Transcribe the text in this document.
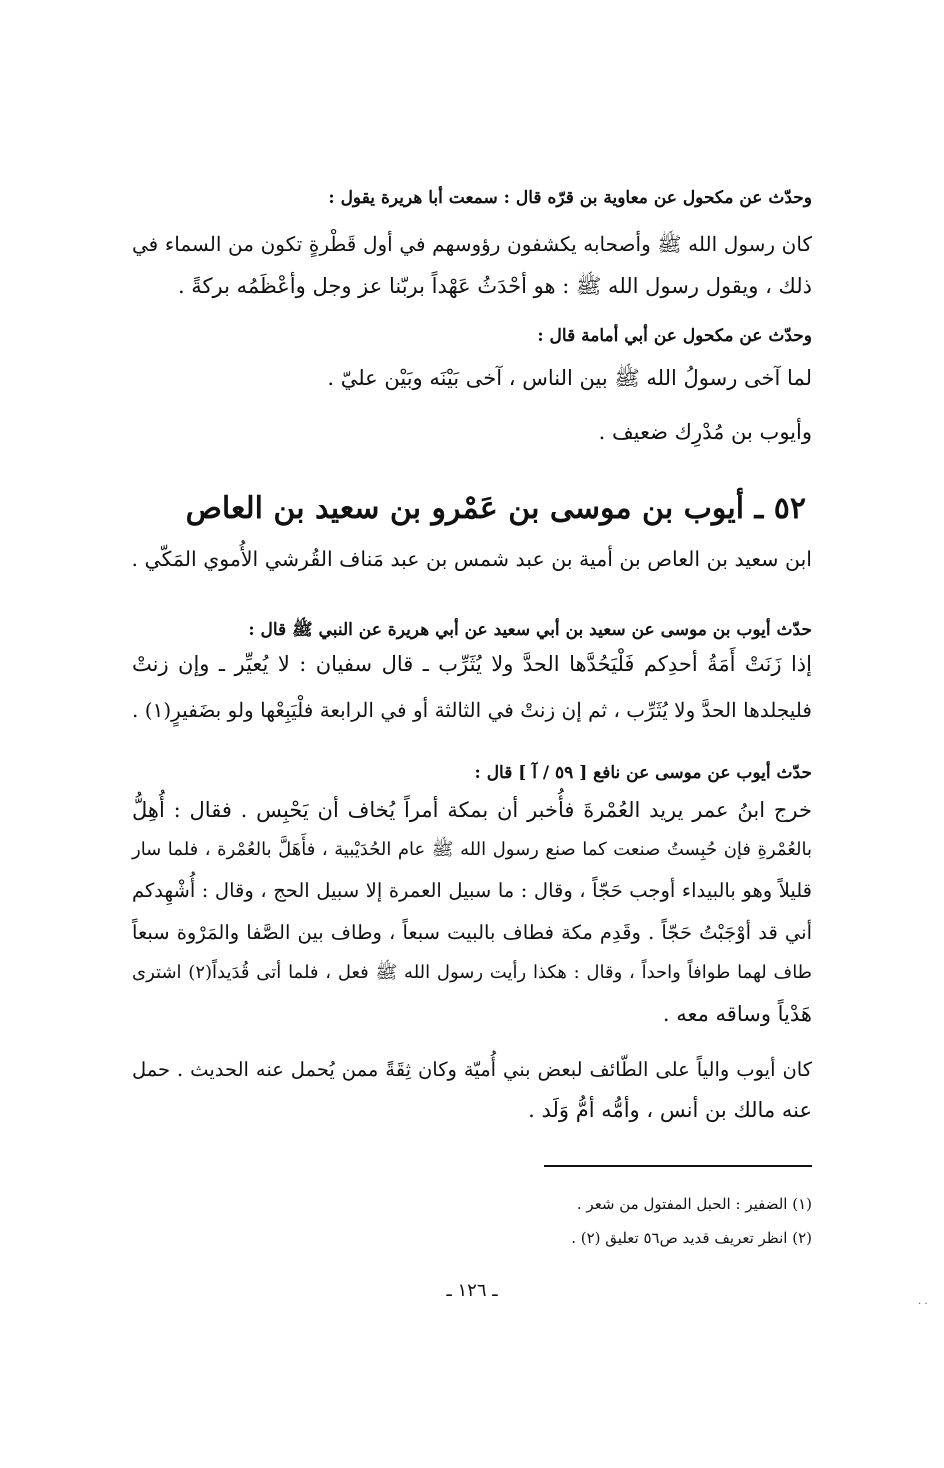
وحدّث عن مكحول عن معاوية بن قرّه قال : سمعت أبا هريرة يقول :
كان رسول الله ﷺ وأصحابه يكشفون رؤوسهم في أول قَطْرةٍ تكون من السماء في
ذلك ، ويقول رسول الله ﷺ : هو أحْدَثُ عَهْداً بربّنا عز وجل وأعْظَمُه بركةً .
وحدّث عن مكحول عن أبي أمامة قال :
لما آخى رسولُ الله ﷺ بين الناس ، آخى بَيْنَه وبَيْن عليّ .
وأيوب بن مُدْرِك ضعيف .
٥٢ ـ أيوب بن موسى بن عَمْرو بن سعيد بن العاص
ابن سعيد بن العاص بن أمية بن عبد شمس بن عبد مَناف القُرشي الأُموي المَكّي .
حدّث أيوب بن موسى عن سعيد بن أبي سعيد عن أبي هريرة عن النبي ﷺ قال :
إذا زَنَتْ أَمَةُ أحدِكم فَلْيَحُدَّها الحدَّ ولا يُثَرِّب ـ قال سفيان : لا يُعيِّر ـ وإن زنتْ
فليجلدها الحدَّ ولا يُثَرِّب ، ثم إن زنتْ في الثالثة أو في الرابعة فلْيَبِعْها ولو بضَفيرٍ(١) .
حدّث أيوب عن موسى عن نافع [ ٥٩ / آ ] قال :
خرج ابنُ عمر يريد العُمْرةَ فأُخبر أن بمكة أمراً يُخاف أن يَحْبِس . فقال : أُهِلُّ
بالعُمْرةِ فإن حُبِستُ صنعت كما صنع رسول الله ﷺ عام الحُدَيْبية ، فأَهَلَّ بالعُمْرة ، فلما سار
قليلاً وهو بالبيداء أوجب حَجّاً ، وقال : ما سبيل العمرة إلا سبيل الحج ، وقال : أُشْهِدكم
أني قد أوْجَبْتُ حَجّاً . وقَدِم مكة فطاف بالبيت سبعاً ، وطاف بين الصَّفا والمَرْوة سبعاً
طاف لهما طوافاً واحداً ، وقال : هكذا رأيت رسول الله ﷺ فعل ، فلما أتى قُدَيداً(٢) اشترى
هَدْياً وساقه معه .
كان أيوب والياً على الطّائف لبعض بني أُميّة وكان ثِقَةً ممن يُحمل عنه الحديث . حمل
عنه مالك بن أنس ، وأمُّه أمُّ وَلَد .
(١) الضفير : الحبل المفتول من شعر .
(٢) انظر تعريف قديد ص٥٦ تعليق (٢) .
ـ ١٢٦ ـ
. .
